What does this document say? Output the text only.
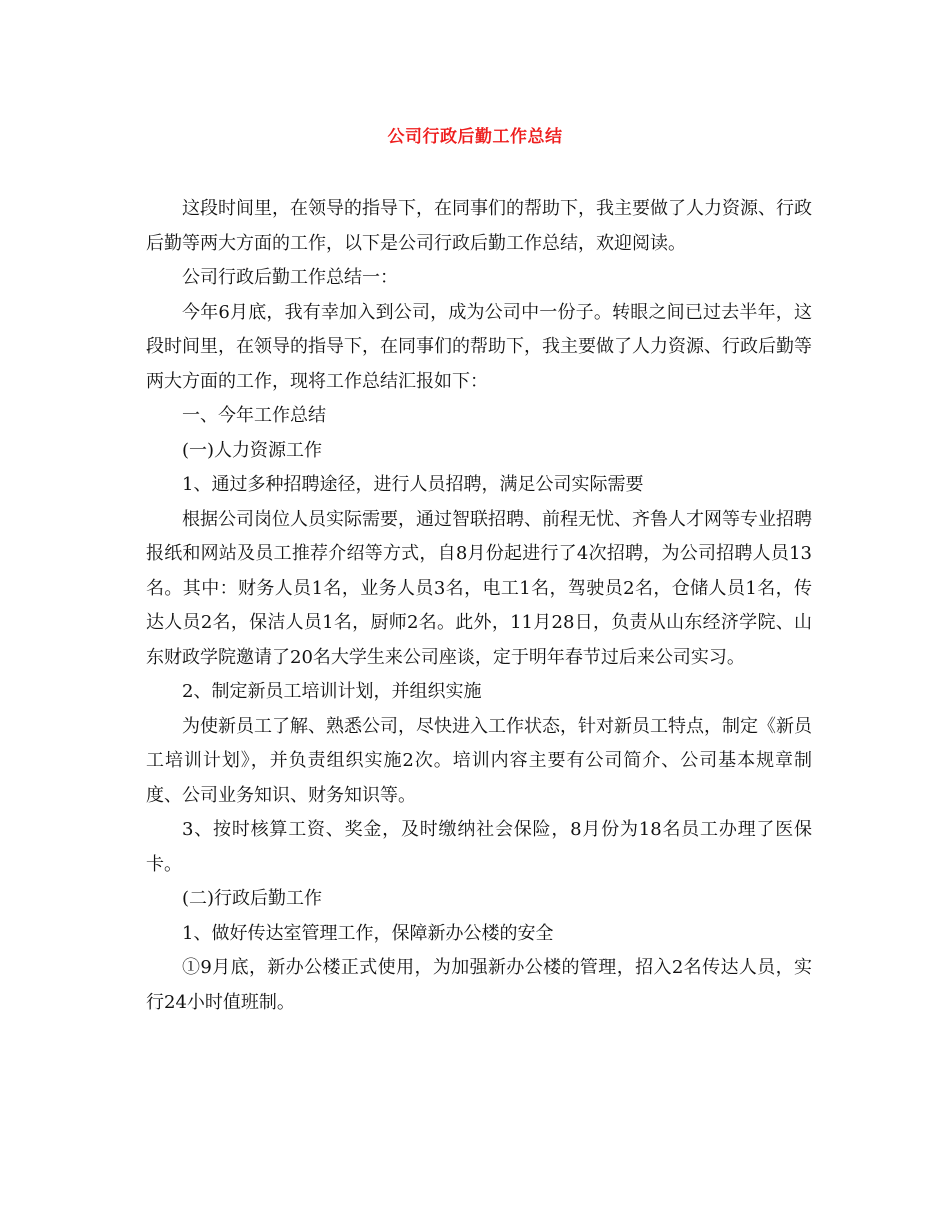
公司行政后勤工作总结

这段时间里，在领导的指导下，在同事们的帮助下，我主要做了人力资源、行政后勤等两大方面的工作，以下是公司行政后勤工作总结，欢迎阅读。

公司行政后勤工作总结一：

今年6月底，我有幸加入到公司，成为公司中一份子。转眼之间已过去半年，这段时间里，在领导的指导下，在同事们的帮助下，我主要做了人力资源、行政后勤等两大方面的工作，现将工作总结汇报如下：

一、今年工作总结

(一)人力资源工作

1、通过多种招聘途径，进行人员招聘，满足公司实际需要

根据公司岗位人员实际需要，通过智联招聘、前程无忧、齐鲁人才网等专业招聘报纸和网站及员工推荐介绍等方式，自8月份起进行了4次招聘，为公司招聘人员13名。其中：财务人员1名，业务人员3名，电工1名，驾驶员2名，仓储人员1名，传达人员2名，保洁人员1名，厨师2名。此外，11月28日，负责从山东经济学院、山东财政学院邀请了20名大学生来公司座谈，定于明年春节过后来公司实习。

2、制定新员工培训计划，并组织实施

为使新员工了解、熟悉公司，尽快进入工作状态，针对新员工特点，制定《新员工培训计划》，并负责组织实施2次。培训内容主要有公司简介、公司基本规章制度、公司业务知识、财务知识等。

3、按时核算工资、奖金，及时缴纳社会保险，8月份为18名员工办理了医保卡。

(二)行政后勤工作

1、做好传达室管理工作，保障新办公楼的安全

①9月底，新办公楼正式使用，为加强新办公楼的管理，招入2名传达人员，实行24小时值班制。
